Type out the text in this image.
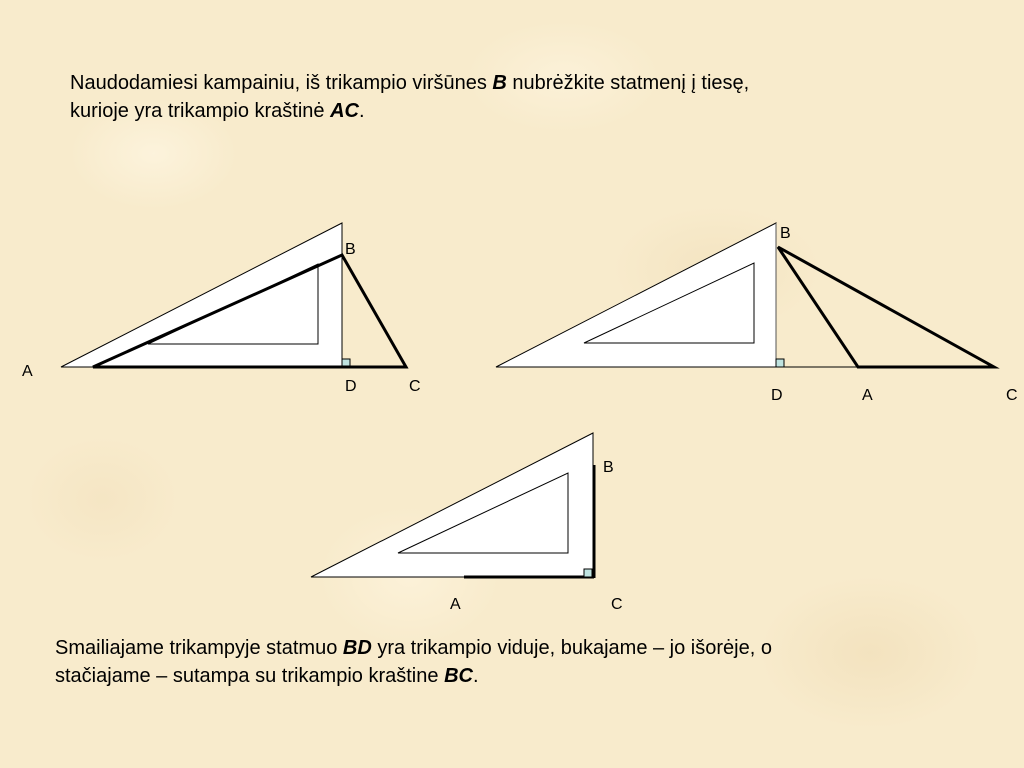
Naudodamiesi kampainiu, iš trikampio viršūnes B nubrėžkite statmenį į tiesę,
kurioje yra trikampio kraštinė AC.

A
B
D	C
B
D	A	C
B
A	C

Smailiajame trikampyje statmuo BD yra trikampio viduje, bukajame – jo išorėje, o
stačiajame – sutampa su trikampio kraštine BC.
